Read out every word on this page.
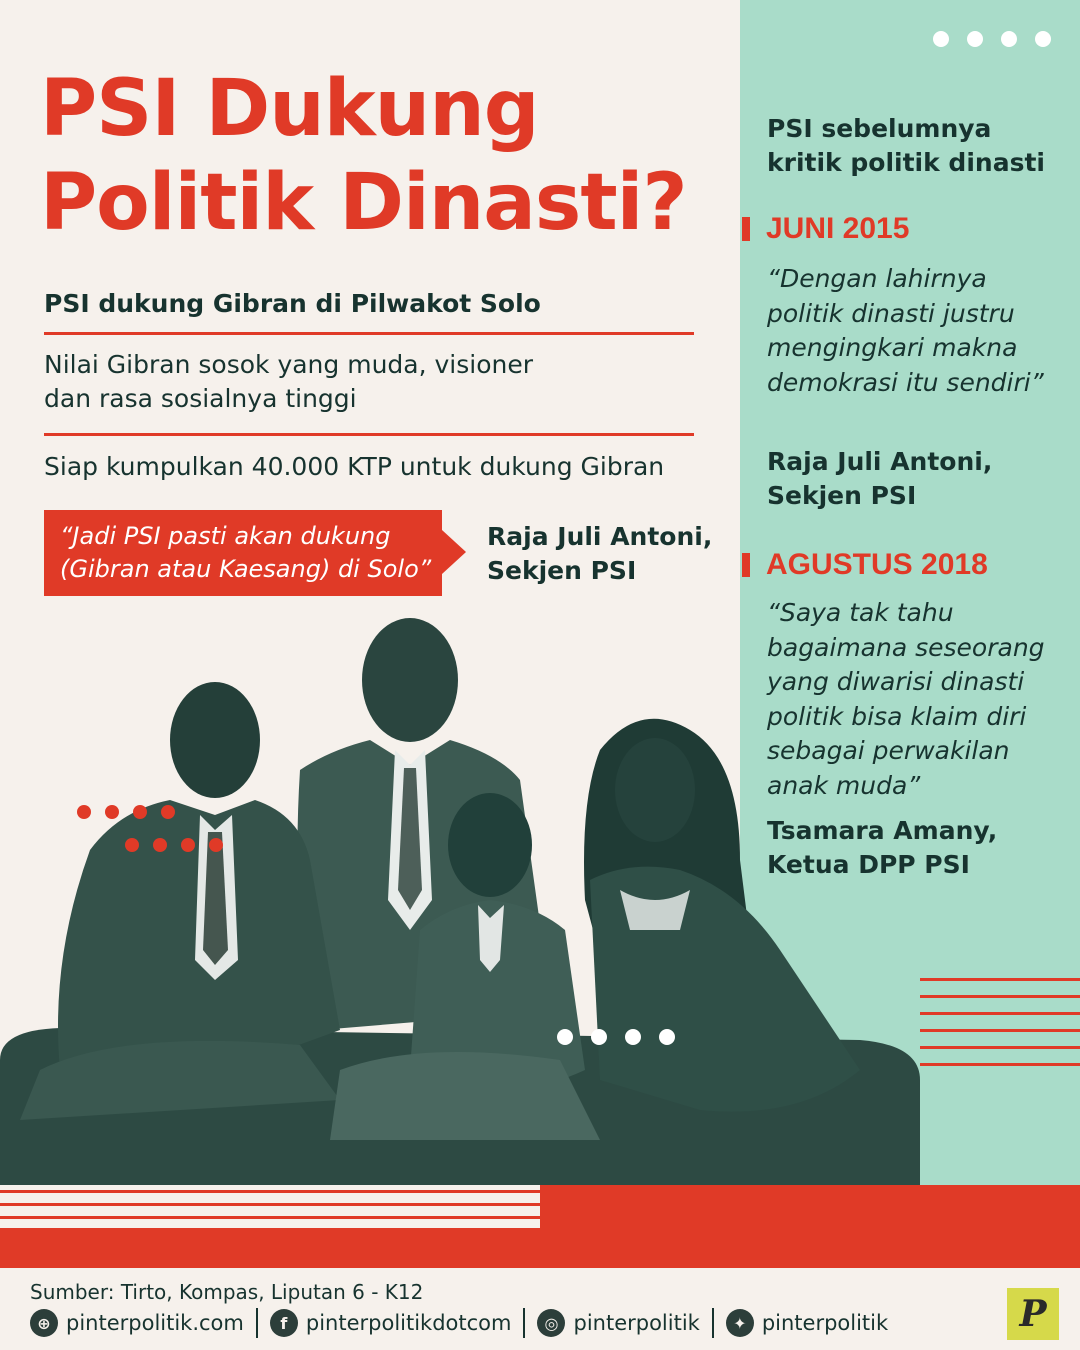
PSI Dukung
Politik Dinasti?
PSI dukung Gibran di Pilwakot Solo
Nilai Gibran sosok yang muda, visioner dan rasa sosialnya tinggi
Siap kumpulkan 40.000 KTP untuk dukung Gibran
“Jadi PSI pasti akan dukung (Gibran atau Kaesang) di Solo”
Raja Juli Antoni,
Sekjen PSI
PSI sebelumnya kritik politik dinasti
JUNI 2015
“Dengan lahirnya politik dinasti justru mengingkari makna demokrasi itu sendiri”
Raja Juli Antoni,
Sekjen PSI
AGUSTUS 2018
“Saya tak tahu bagaimana seseorang yang diwarisi dinasti politik bisa klaim diri sebagai perwakilan anak muda”
Tsamara Amany,
Ketua DPP PSI
Sumber: Tirto, Kompas, Liputan 6 - K12
⊕ pinterpolitik.com	f pinterpolitikdotcom	◎ pinterpolitik	✦ pinterpolitik	P
